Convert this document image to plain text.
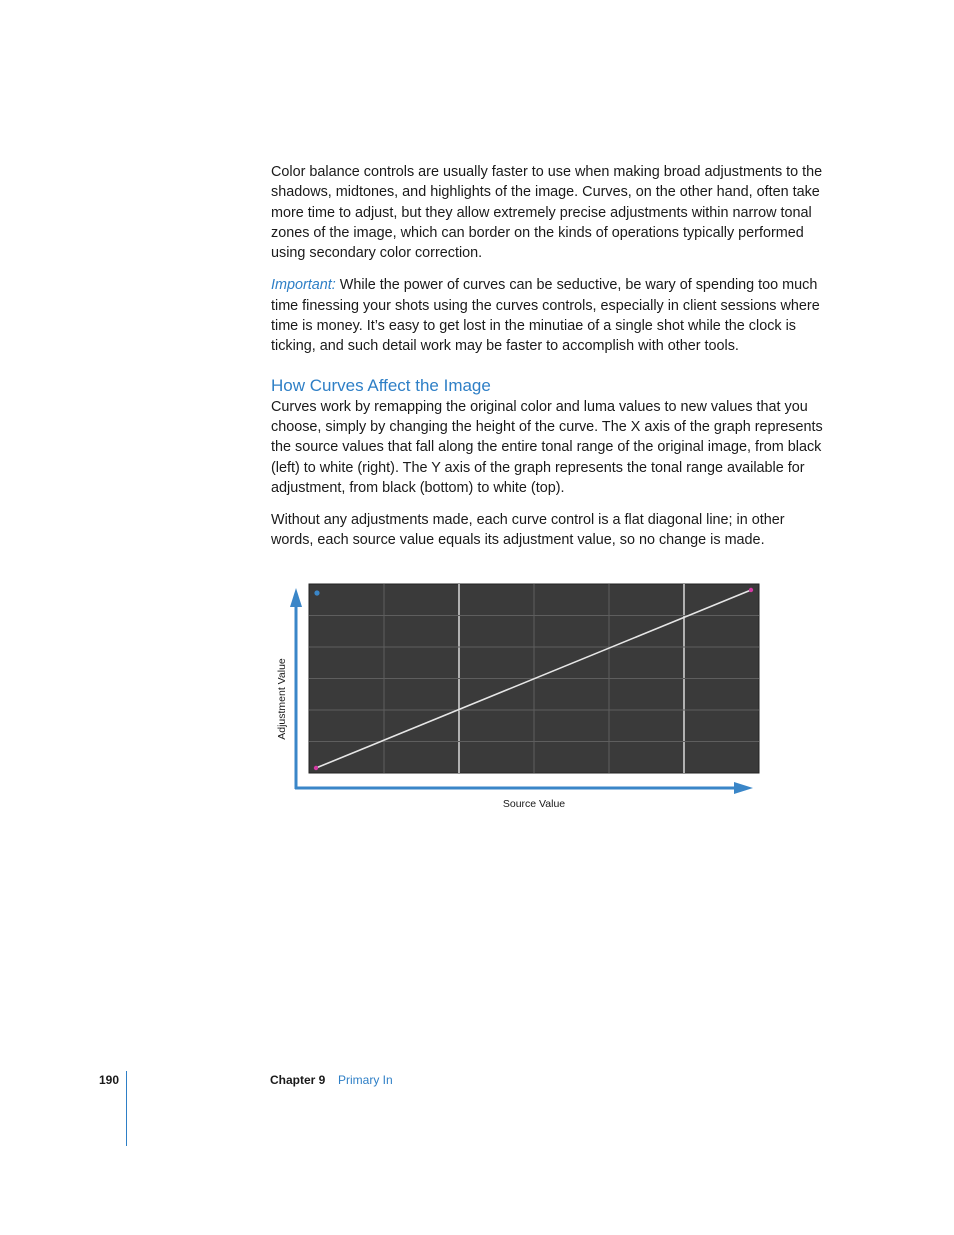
Color balance controls are usually faster to use when making broad adjustments to the shadows, midtones, and highlights of the image. Curves, on the other hand, often take more time to adjust, but they allow extremely precise adjustments within narrow tonal zones of the image, which can border on the kinds of operations typically performed using secondary color correction.

Important: While the power of curves can be seductive, be wary of spending too much time finessing your shots using the curves controls, especially in client sessions where time is money. It’s easy to get lost in the minutiae of a single shot while the clock is ticking, and such detail work may be faster to accomplish with other tools.

How Curves Affect the Image

Curves work by remapping the original color and luma values to new values that you choose, simply by changing the height of the curve. The X axis of the graph represents the source values that fall along the entire tonal range of the original image, from black (left) to white (right). The Y axis of the graph represents the tonal range available for adjustment, from black (bottom) to white (top).

Without any adjustments made, each curve control is a flat diagonal line; in other words, each source value equals its adjustment value, so no change is made.

Adjustment Value
Source Value
190	Chapter 9 Primary In
